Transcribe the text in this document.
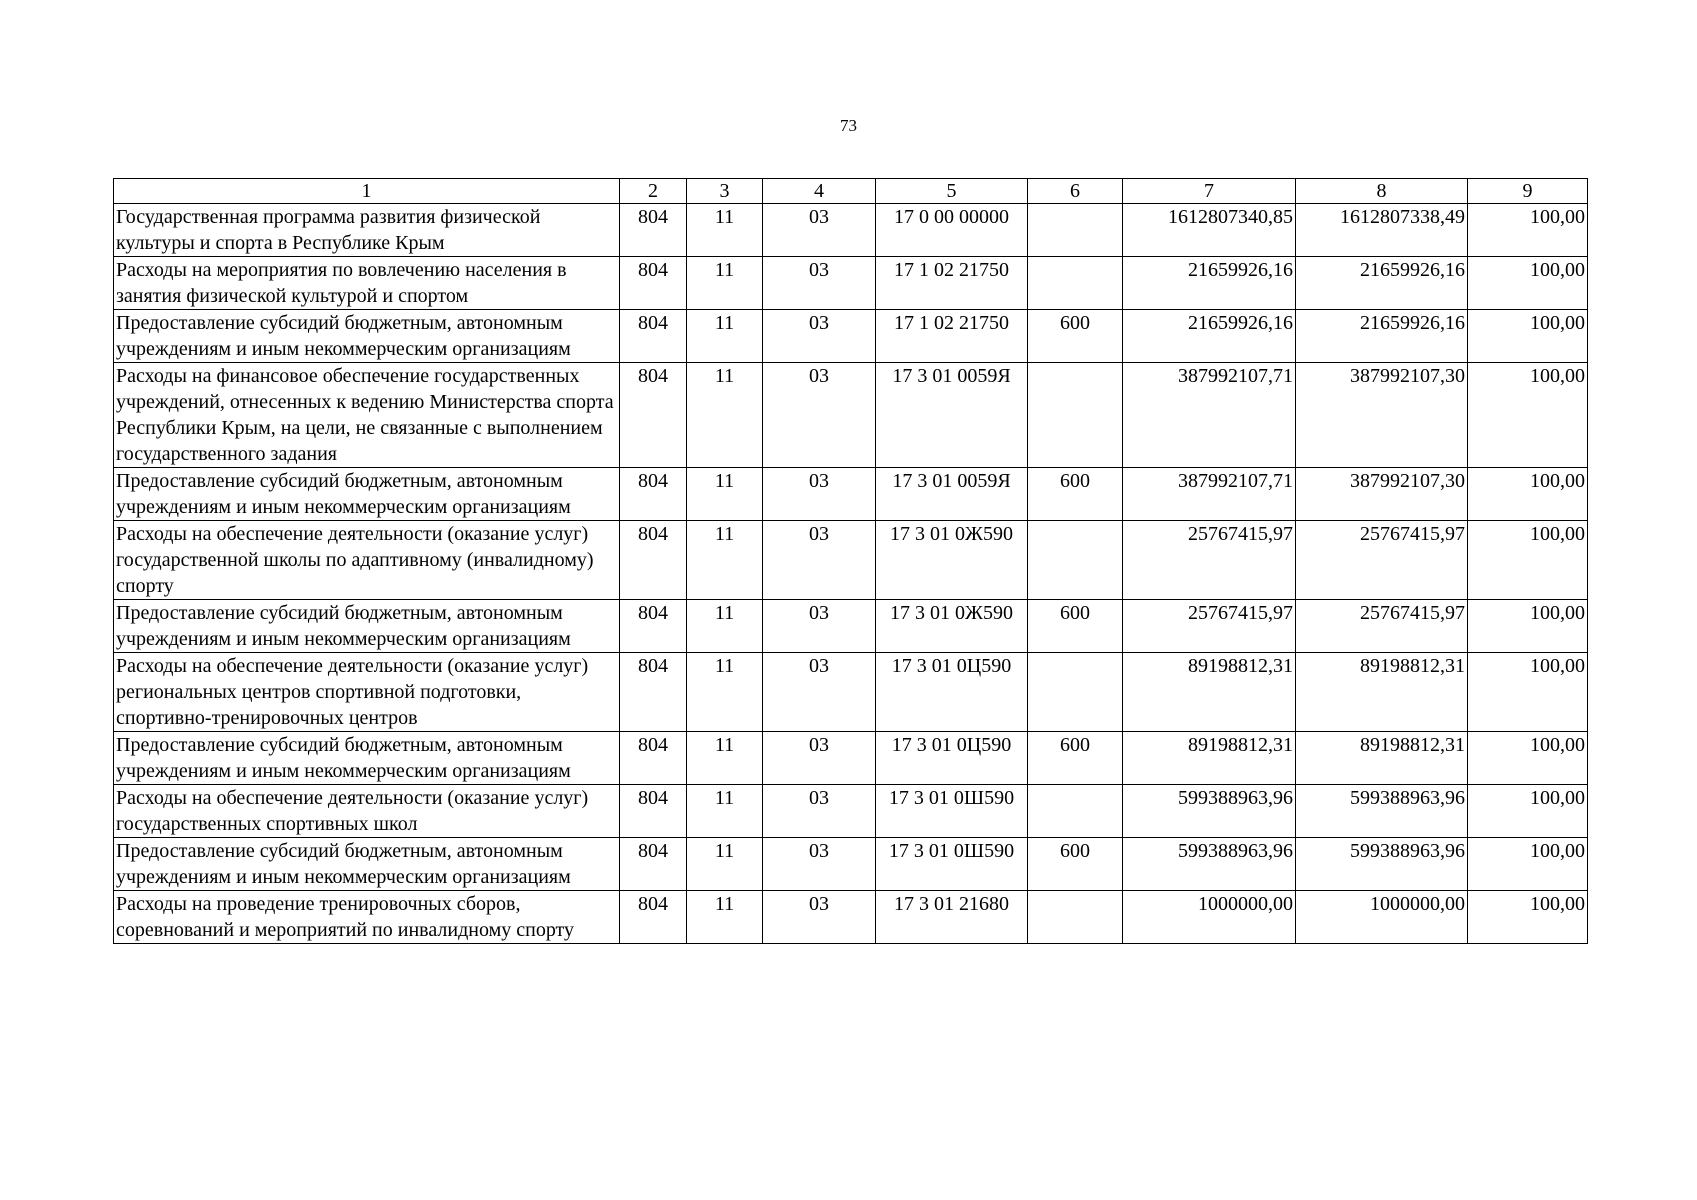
73
1	2	3	4	5	6	7	8	9
Государственная программа развития физической культуры и спорта в Республике Крым	804	11	03	17 0 00 00000		1612807340,85	1612807338,49	100,00
Расходы на мероприятия по вовлечению населения в занятия физической культурой и спортом	804	11	03	17 1 02 21750		21659926,16	21659926,16	100,00
Предоставление субсидий бюджетным, автономным учреждениям и иным некоммерческим организациям	804	11	03	17 1 02 21750	600	21659926,16	21659926,16	100,00
Расходы на финансовое обеспечение государственных учреждений, отнесенных к ведению Министерства спорта Республики Крым, на цели, не связанные с выполнением государственного задания	804	11	03	17 3 01 0059Я		387992107,71	387992107,30	100,00
Предоставление субсидий бюджетным, автономным учреждениям и иным некоммерческим организациям	804	11	03	17 3 01 0059Я	600	387992107,71	387992107,30	100,00
Расходы на обеспечение деятельности (оказание услуг) государственной школы по адаптивному (инвалидному) спорту	804	11	03	17 3 01 0Ж590		25767415,97	25767415,97	100,00
Предоставление субсидий бюджетным, автономным учреждениям и иным некоммерческим организациям	804	11	03	17 3 01 0Ж590	600	25767415,97	25767415,97	100,00
Расходы на обеспечение деятельности (оказание услуг) региональных центров спортивной подготовки, спортивно-тренировочных центров	804	11	03	17 3 01 0Ц590		89198812,31	89198812,31	100,00
Предоставление субсидий бюджетным, автономным учреждениям и иным некоммерческим организациям	804	11	03	17 3 01 0Ц590	600	89198812,31	89198812,31	100,00
Расходы на обеспечение деятельности (оказание услуг) государственных спортивных школ	804	11	03	17 3 01 0Ш590		599388963,96	599388963,96	100,00
Предоставление субсидий бюджетным, автономным учреждениям и иным некоммерческим организациям	804	11	03	17 3 01 0Ш590	600	599388963,96	599388963,96	100,00
Расходы на проведение тренировочных сборов, соревнований и мероприятий по инвалидному спорту	804	11	03	17 3 01 21680		1000000,00	1000000,00	100,00
